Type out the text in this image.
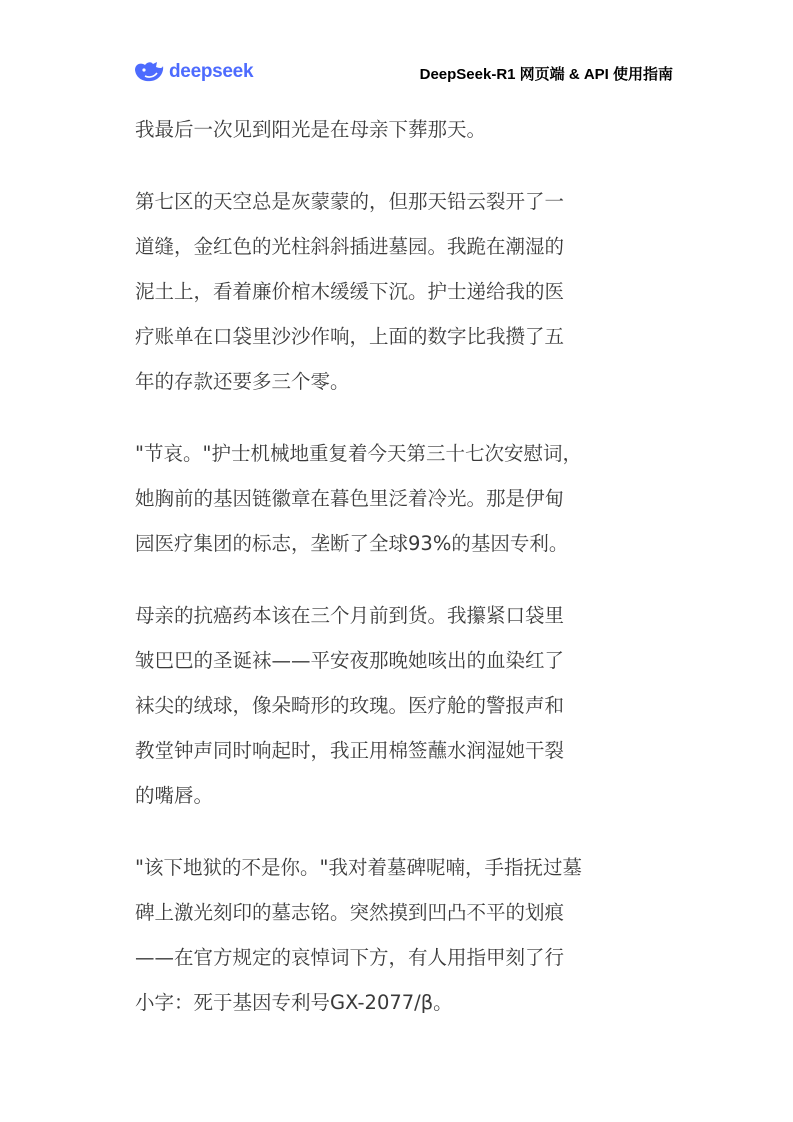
deepseek	DeepSeek-R1 网页端 & API 使用指南
我最后一次见到阳光是在母亲下葬那天。
第七区的天空总是灰蒙蒙的，但那天铅云裂开了一
道缝，金红色的光柱斜斜插进墓园。我跪在潮湿的
泥土上，看着廉价棺木缓缓下沉。护士递给我的医
疗账单在口袋里沙沙作响，上面的数字比我攒了五
年的存款还要多三个零。
"节哀。"护士机械地重复着今天第三十七次安慰词，
她胸前的基因链徽章在暮色里泛着冷光。那是伊甸
园医疗集团的标志，垄断了全球93%的基因专利。
母亲的抗癌药本该在三个月前到货。我攥紧口袋里
皱巴巴的圣诞袜——平安夜那晚她咳出的血染红了
袜尖的绒球，像朵畸形的玫瑰。医疗舱的警报声和
教堂钟声同时响起时，我正用棉签蘸水润湿她干裂
的嘴唇。
"该下地狱的不是你。"我对着墓碑呢喃，手指抚过墓
碑上激光刻印的墓志铭。突然摸到凹凸不平的划痕
——在官方规定的哀悼词下方，有人用指甲刻了行
小字：死于基因专利号GX-2077/β。
